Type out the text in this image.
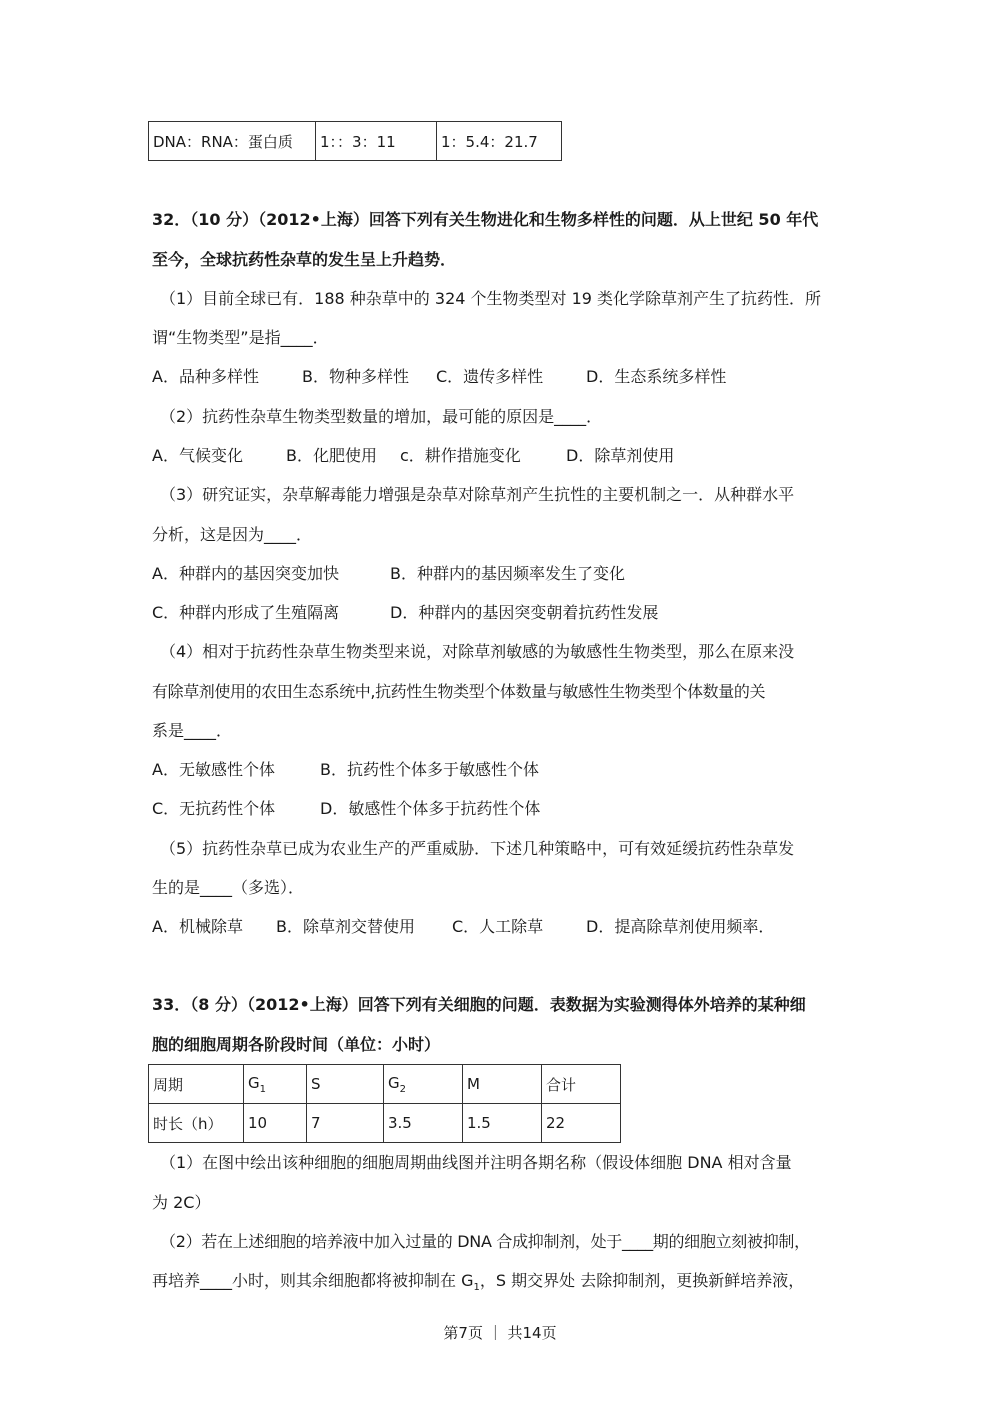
DNA：RNA：蛋白质	1：：3：11	1：5.4：21.7
32．（10 分）（2012•上海）回答下列有关生物进化和生物多样性的问题．从上世纪 50 年代
至今，全球抗药性杂草的发生呈上升趋势．
（1）目前全球已有．188 种杂草中的 324 个生物类型对 19 类化学除草剂产生了抗药性．所
谓“生物类型”是指____．
A．品种多样性	B．物种多样性 C．遗传多样性	D．生态系统多样性
（2）抗药性杂草生物类型数量的增加，最可能的原因是____．
A．气候变化	B．化肥使用 c．耕作措施变化	D．除草剂使用
（3）研究证实，杂草解毒能力增强是杂草对除草剂产生抗性的主要机制之一．从种群水平
分析，这是因为____．
A．种群内的基因突变加快	B．种群内的基因频率发生了变化
C．种群内形成了生殖隔离	D．种群内的基因突变朝着抗药性发展
（4）相对于抗药性杂草生物类型来说，对除草剂敏感的为敏感性生物类型，那么在原来没
有除草剂使用的农田生态系统中,抗药性生物类型个体数量与敏感性生物类型个体数量的关
系是____．
A．无敏感性个体	B．抗药性个体多于敏感性个体
C．无抗药性个体	D．敏感性个体多于抗药性个体
（5）抗药性杂草已成为农业生产的严重威胁．下述几种策略中，可有效延缓抗药性杂草发
生的是____（多选）．
A．机械除草 B．除草剂交替使用 C．人工除草	D．提高除草剂使用频率．
33．（8 分）（2012•上海）回答下列有关细胞的问题．表数据为实验测得体外培养的某种细
胞的细胞周期各阶段时间（单位：小时）
周期	$G_1$	S	$G_2$	M	合计
时长（h）	10	7	3.5	1.5	22
（1）在图中绘出该种细胞的细胞周期曲线图并注明各期名称（假设体细胞 DNA 相对含量
为 2C）
（2）若在上述细胞的培养液中加入过量的 DNA 合成抑制剂，处于____期的细胞立刻被抑制，
再培养____小时，则其余细胞都将被抑制在 $G_1$，S 期交界处 去除抑制剂，更换新鲜培养液，
第7页 ｜ 共14页
